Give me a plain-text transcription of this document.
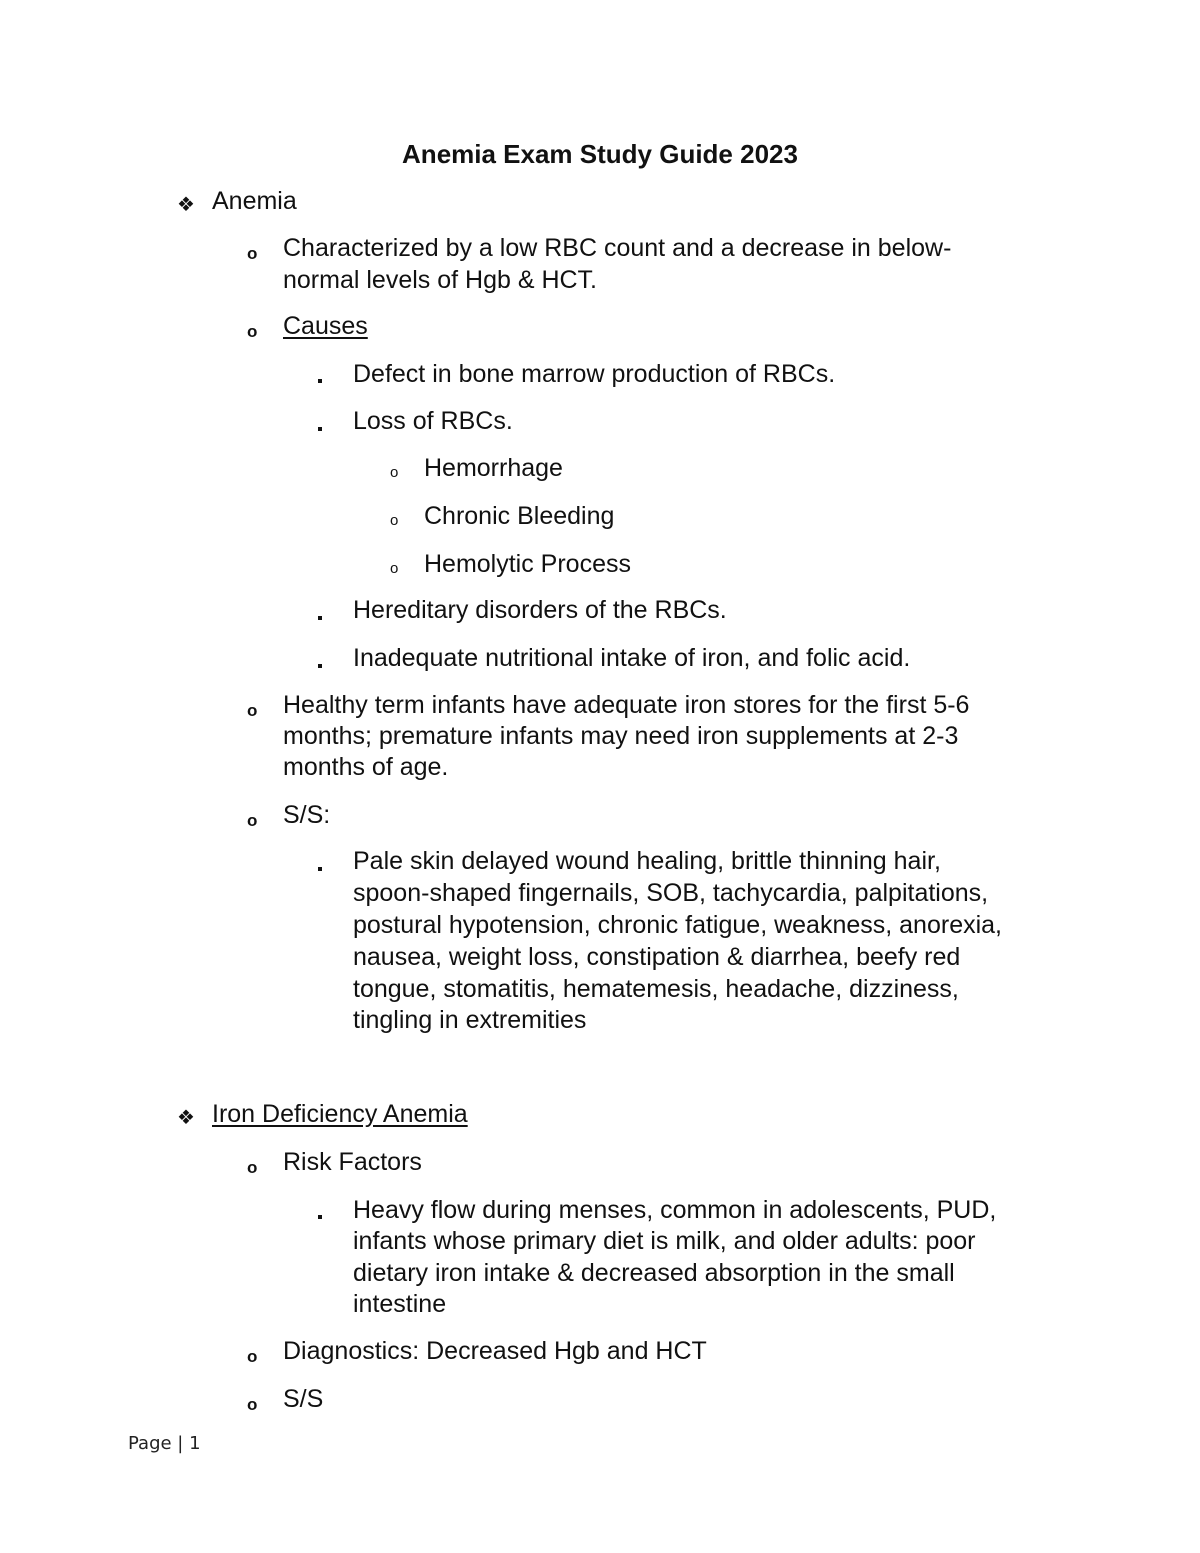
Anemia Exam Study Guide 2023
❖ Anemia
o Characterized by a low RBC count and a decrease in below-
normal levels of Hgb & HCT.
o Causes
Defect in bone marrow production of RBCs.
Loss of RBCs.
o Hemorrhage
o Chronic Bleeding
o Hemolytic Process
Hereditary disorders of the RBCs.
Inadequate nutritional intake of iron, and folic acid.
o Healthy term infants have adequate iron stores for the first 5-6
months; premature infants may need iron supplements at 2-3
months of age.
o S/S:
Pale skin delayed wound healing, brittle thinning hair,
spoon-shaped fingernails, SOB, tachycardia, palpitations,
postural hypotension, chronic fatigue, weakness, anorexia,
nausea, weight loss, constipation & diarrhea, beefy red
tongue, stomatitis, hematemesis, headache, dizziness,
tingling in extremities
❖ Iron Deficiency Anemia
o Risk Factors
Heavy flow during menses, common in adolescents, PUD,
infants whose primary diet is milk, and older adults: poor
dietary iron intake & decreased absorption in the small
intestine
o Diagnostics: Decreased Hgb and HCT
o S/S
Page | 1
